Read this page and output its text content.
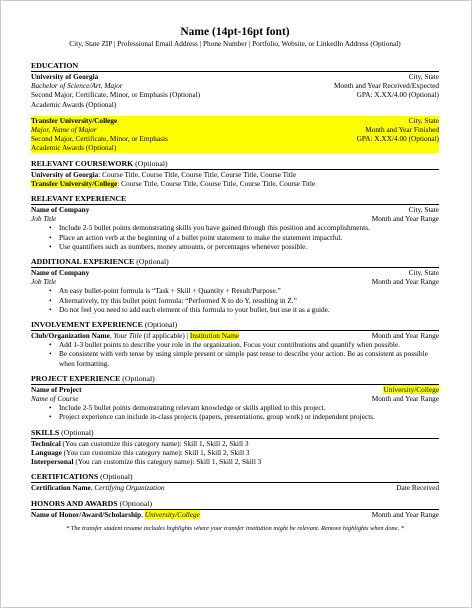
Name (14pt-16pt font)
City, State ZIP | Professional Email Address | Phone Number | Portfolio, Website, or LinkedIn Address (Optional)
EDUCATION
University of Georgia	City, State
Bachelor of Science/Art, Major	Month and Year Received/Expected
Second Major, Certificate, Minor, or Emphasis (Optional)	GPA: X.XX/4.00 (Optional)
Academic Awards (Optional)
Transfer University/College	City, State
Major, Name of Major	Month and Year Finished
Second Major, Certificate, Minor, or Emphasis	GPA: X.XX/4.00 (Optional)
Academic Awards (Optional)
RELEVANT COURSEWORK (Optional)
University of Georgia: Course Title, Course Title, Course Title, Course Title, Course Title
Transfer University/College: Course Title, Course Title, Course Title, Course Title, Course Title
RELEVANT EXPERIENCE
Name of Company	City, State
Job Title	Month and Year Range
• Include 2-5 bullet points demonstrating skills you have gained through this position and accomplishments.
• Place an action verb at the beginning of a bullet point statement to make the statement impactful.
• Use quantifiers such as numbers, money amounts, or percentages whenever possible.
ADDITIONAL EXPERIENCE (Optional)
Name of Company	City, State
Job Title	Month and Year Range
• An easy bullet-point formula is “Task + Skill + Quantity + Result/Purpose.”
• Alternatively, try this bullet point formula: “Performed X to do Y, resulting in Z.”
• Do not feel you need to add each element of this formula to your bullet, but use it as a guide.
INVOLVEMENT EXPERIENCE (Optional)
Club/Organization Name, Your Title (if applicable) | Institution Name	Month and Year Range
• Add 1-3 bullet points to describe your role in the organization. Focus your contributions and quantify when possible.
• Be consistent with verb tense by using simple present or simple past tense to describe your action. Be as consistent as possible when formatting.
PROJECT EXPERIENCE (Optional)
Name of Project	University/College
Name of Course	Month and Year Range
• Include 2-5 bullet points demonstrating relevant knowledge or skills applied to this project.
• Project experience can include in-class projects (papers, presentations, group work) or independent projects.
SKILLS (Optional)
Technical (You can customize this category name): Skill 1, Skill 2, Skill 3
Language (You can customize this category name): Skill 1, Skill 2, Skill 3
Interpersonal (You can customize this category name): Skill 1, Skill 2, Skill 3
CERTIFICATIONS (Optional)
Certification Name, Certifying Organization	Date Received
HONORS AND AWARDS (Optional)
Name of Honor/Award/Scholarship, University/College	Month and Year Range
* The transfer student resume includes highlights where your transfer institution might be relevant. Remove highlights when done. *
